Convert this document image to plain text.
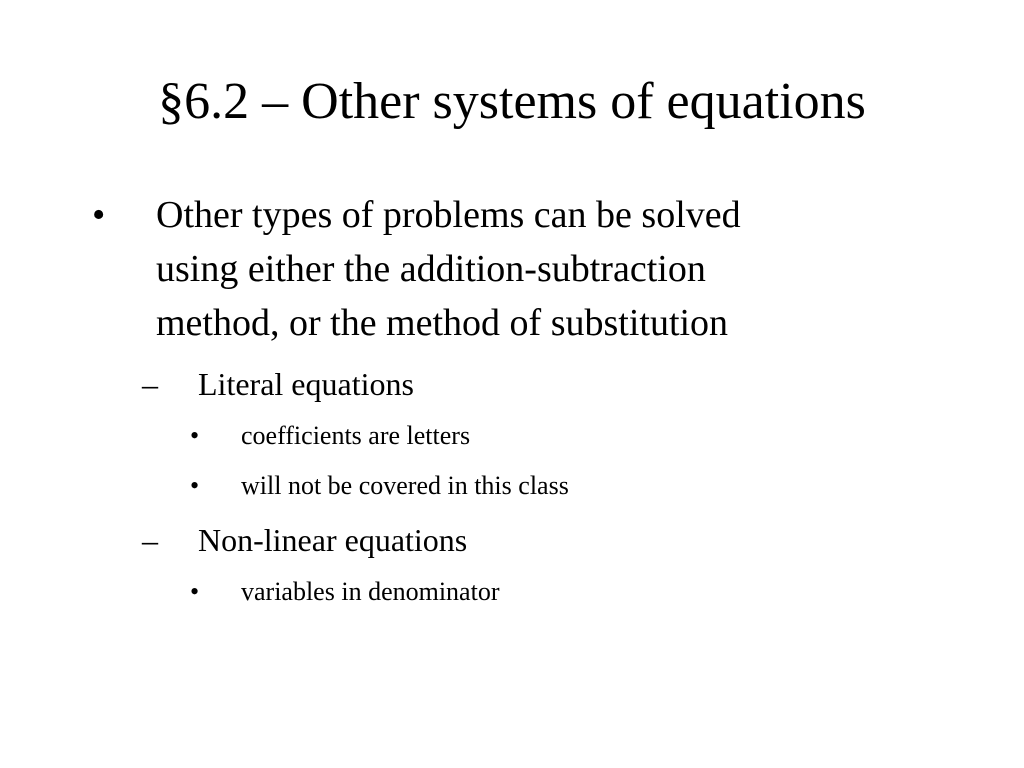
§6.2 – Other systems of equations
• Other types of problems can be solved
using either the addition-subtraction
method, or the method of substitution
– Literal equations
• coefficients are letters
• will not be covered in this class
– Non-linear equations
• variables in denominator
